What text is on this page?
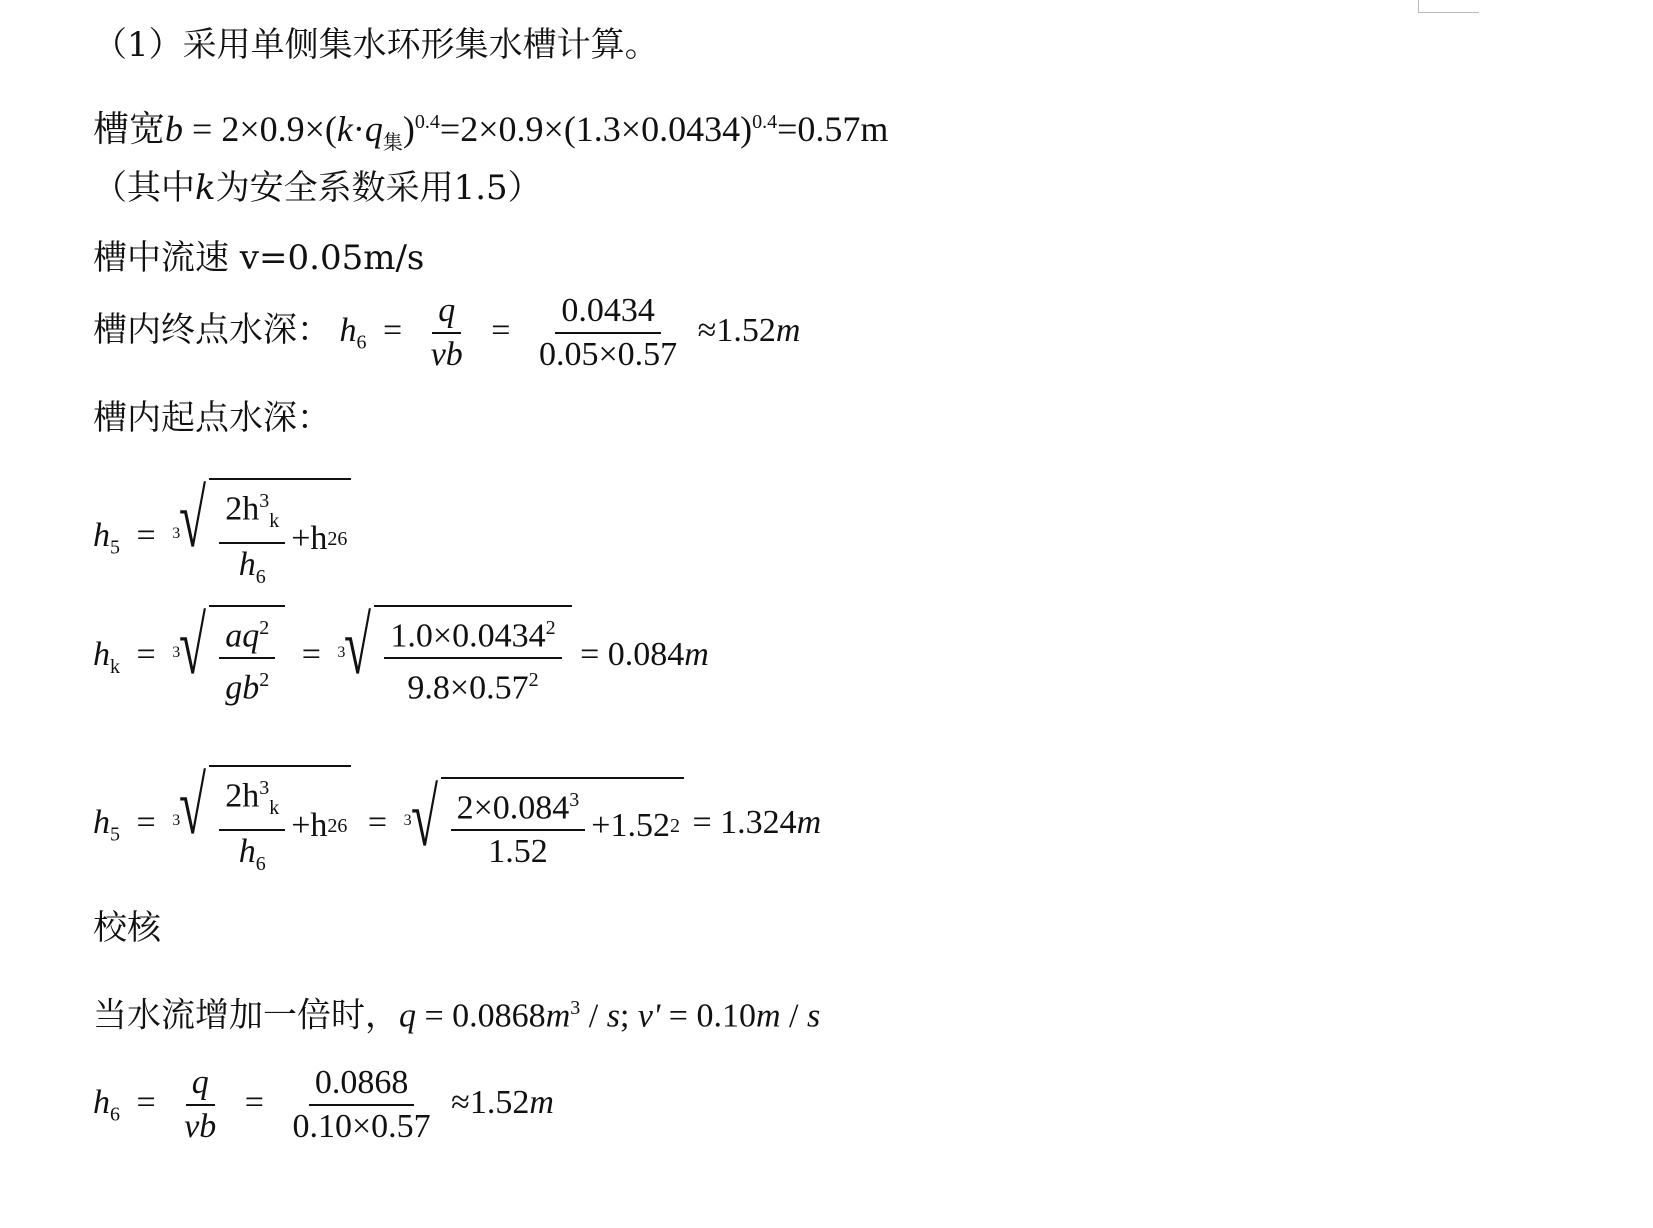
（1）采用单侧集水环形集水槽计算。
槽宽$b = 2\times 0.9\times(k\cdot q_集)^{0.4}=2\times 0.9\times(1.3\times 0.0434)^{0.4}=0.57m$
（其中k为安全系数采用1.5）
槽中流速 v=0.05m/s
槽内终点水深： $h_6 = \frac{q}{vb} = \frac{0.0434}{0.05\times 0.57} \approx 1.52m$
槽内起点水深：
$h_5 = 3$ √ $\frac{2h^3_k}{h_6} +h$ 2 6
$h_k = 3$ √ $\frac{aq^2}{gb^2} = 3$ √ $\frac{1.0\times 0.0434^2}{9.8\times 0.57^2} = 0.084m$
$h_5 = 3$ √ $\frac{2h^3_k}{h_6} +h$ 2 6 = 3 √ $\frac{2\times 0.084^3}{1.52} +1.52$ 2 = 1.324m
校核
当水流增加一倍时，$q = 0.0868m^3 / s$; v' = 0.10m / s
$h_6 = \frac{q}{vb} = \frac{0.0868}{0.10\times 0.57} \approx 1.52m$
